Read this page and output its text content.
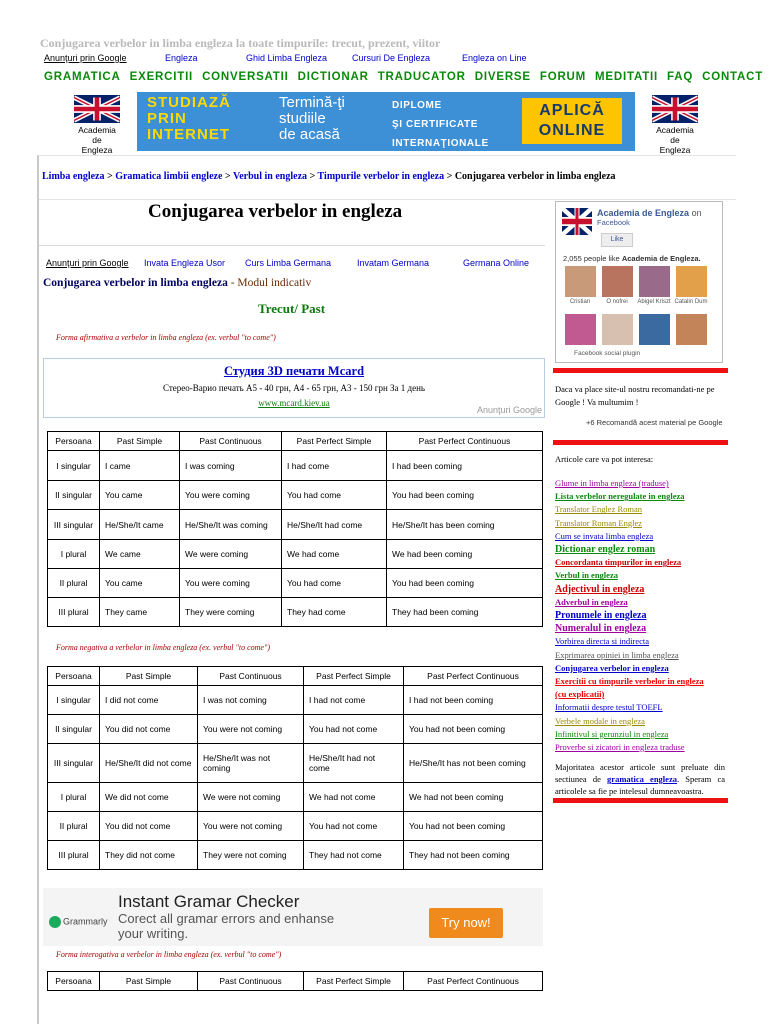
Conjugarea verbelor in limba engleza la toate timpurile: trecut, prezent, viitor
Anunţuri prin Google	Engleza	Ghid Limba Engleza	Cursuri De Engleza	Engleza on Line
GRAMATICA EXERCITII CONVERSATII DICTIONAR TRADUCATOR DIVERSE FORUM MEDITATII FAQ CONTACT
Academia
de
Engleza
STUDIAZĂ
PRIN
INTERNET
Termină-ţi
studiile
de acasă
DIPLOME
ŞI CERTIFICATE
INTERNAŢIONALE
APLICĂ
ONLINE	Academia
de
Engleza
Limba engleza > Gramatica limbii engleze > Verbul in engleza > Timpurile verbelor in engleza > Conjugarea verbelor in limba engleza
Conjugarea verbelor in engleza
Anunţuri prin Google Invata Engleza Usor Curs Limba Germana	Invatam Germana	Germana Online
Conjugarea verbelor in limba engleza - Modul indicativ
Trecut/ Past
Forma afirmativa a verbelor in limba engleza (ex. verbul "to come")
Студия 3D печати Mcard
Стерео-Варио печать А5 - 40 грн, А4 - 65 грн, А3 - 150 грн За 1 день
www.mcard.kiev.ua
Anunţuri Google
Persoana	Past Simple	Past Continuous	Past Perfect Simple	Past Perfect Continuous
I singular	I came	I was coming	I had come	I had been coming
II singular	You came	You were coming	You had come	You had been coming
III singular	He/She/It came	He/She/It was coming	He/She/It had come	He/She/It has been coming
I plural	We came	We were coming	We had come	We had been coming
II plural	You came	You were coming	You had come	You had been coming
III plural	They came	They were coming	They had come	They had been coming
Forma negativa a verbelor in limba engleza (ex. verbul "to come")
Persoana	Past Simple	Past Continuous	Past Perfect Simple	Past Perfect Continuous
I singular	I did not come	I was not coming	I had not come	I had not been coming
II singular	You did not come	You were not coming	You had not come	You had not been coming
III singular	He/She/It did not come	He/She/It was not coming	He/She/It had not come	He/She/It has not been coming
I plural	We did not come	We were not coming	We had not come	We had not been coming
II plural	You did not come	You were not coming	You had not come	You had not been coming
III plural	They did not come	They were not coming	They had not come	They had not been coming
Grammarly
Instant Gramar Checker
Corect all gramar errors and enhanse
your writing.
Try now!
Forma interogativa a verbelor in limba engleza (ex. verbul "to come")
Persoana	Past Simple	Past Continuous	Past Perfect Simple	Past Perfect Continuous
Academia de Engleza on
Facebook
Like
2,055 people like Academia de Engleza.
Cristian	O nofrei	Abigel Kriszt Catalin Dum
Facebook social plugin
Daca va place site-ul nostru recomandati-ne pe Google ! Va multumim !
+6 Recomandă acest material pe Google
Articole care va pot interesa:
Glume in limba engleza (traduse)
Lista verbelor neregulate in engleza
Translator Englez Roman
Translator Roman Englez
Cum se invata limba engleza
Dictionar englez roman
Concordanta timpurilor in engleza
Verbul in engleza
Adjectivul in engleza
Adverbul in engleza
Pronumele in engleza
Numeralul in engleza
Vorbirea directa si indirecta
Exprimarea opiniei in limba engleza
Conjugarea verbelor in engleza
Exercitii cu timpurile verbelor in engleza
(cu explicatii)
Informatii despre testul TOEFL
Verbele modale in engleza
Infinitivul si gerunziul in engleza
Proverbe si zicatori in engleza traduse
Majoritatea acestor articole sunt preluate din sectiunea de gramatica engleza. Speram ca articolele sa fie pe intelesul dumneavoastra.
